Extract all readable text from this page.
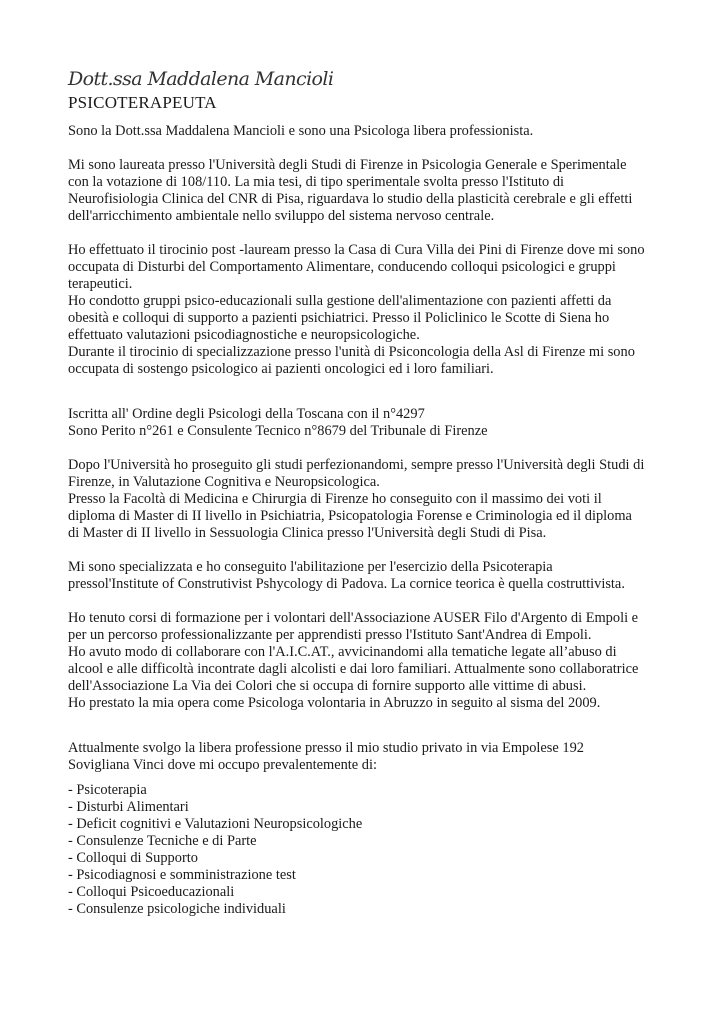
Dott.ssa Maddalena Mancioli
PSICOTERAPEUTA

Sono la Dott.ssa Maddalena Mancioli e sono una Psicologa libera professionista.

Mi sono laureata presso l'Università degli Studi di Firenze in Psicologia Generale e Sperimentale
con la votazione di 108/110. La mia tesi, di tipo sperimentale svolta presso l'Istituto di
Neurofisiologia Clinica del CNR di Pisa, riguardava lo studio della plasticità cerebrale e gli effetti
dell'arricchimento ambientale nello sviluppo del sistema nervoso centrale.

Ho effettuato il tirocinio post -lauream presso la Casa di Cura Villa dei Pini di Firenze dove mi sono
occupata di Disturbi del Comportamento Alimentare, conducendo colloqui psicologici e gruppi
terapeutici.
Ho condotto gruppi psico-educazionali sulla gestione dell'alimentazione con pazienti affetti da
obesità e colloqui di supporto a pazienti psichiatrici. Presso il Policlinico le Scotte di Siena ho
effettuato valutazioni psicodiagnostiche e neuropsicologiche.
Durante il tirocinio di specializzazione presso l'unità di Psiconcologia della Asl di Firenze mi sono
occupata di sostengo psicologico ai pazienti oncologici ed i loro familiari.

Iscritta all' Ordine degli Psicologi della Toscana con il n°4297
Sono Perito n°261 e Consulente Tecnico n°8679 del Tribunale di Firenze

Dopo l'Università ho proseguito gli studi perfezionandomi, sempre presso l'Università degli Studi di
Firenze, in Valutazione Cognitiva e Neuropsicologica.
Presso la Facoltà di Medicina e Chirurgia di Firenze ho conseguito con il massimo dei voti il
diploma di Master di II livello in Psichiatria, Psicopatologia Forense e Criminologia ed il diploma
di Master di II livello in Sessuologia Clinica presso l'Università degli Studi di Pisa.

Mi sono specializzata e ho conseguito l'abilitazione per l'esercizio della Psicoterapia
pressol'Institute of Construtivist Pshycology di Padova. La cornice teorica è quella costruttivista.

Ho tenuto corsi di formazione per i volontari dell'Associazione AUSER Filo d'Argento di Empoli e
per un percorso professionalizzante per apprendisti presso l'Istituto Sant'Andrea di Empoli.
Ho avuto modo di collaborare con l'A.I.C.AT., avvicinandomi alla tematiche legate all’abuso di
alcool e alle difficoltà incontrate dagli alcolisti e dai loro familiari. Attualmente sono collaboratrice
dell'Associazione La Via dei Colori che si occupa di fornire supporto alle vittime di abusi.
Ho prestato la mia opera come Psicologa volontaria in Abruzzo in seguito al sisma del 2009.

Attualmente svolgo la libera professione presso il mio studio privato in via Empolese 192
Sovigliana Vinci dove mi occupo prevalentemente di:

- Psicoterapia
- Disturbi Alimentari
- Deficit cognitivi e Valutazioni Neuropsicologiche
- Consulenze Tecniche e di Parte
- Colloqui di Supporto
- Psicodiagnosi e somministrazione test
- Colloqui Psicoeducazionali
- Consulenze psicologiche individuali
